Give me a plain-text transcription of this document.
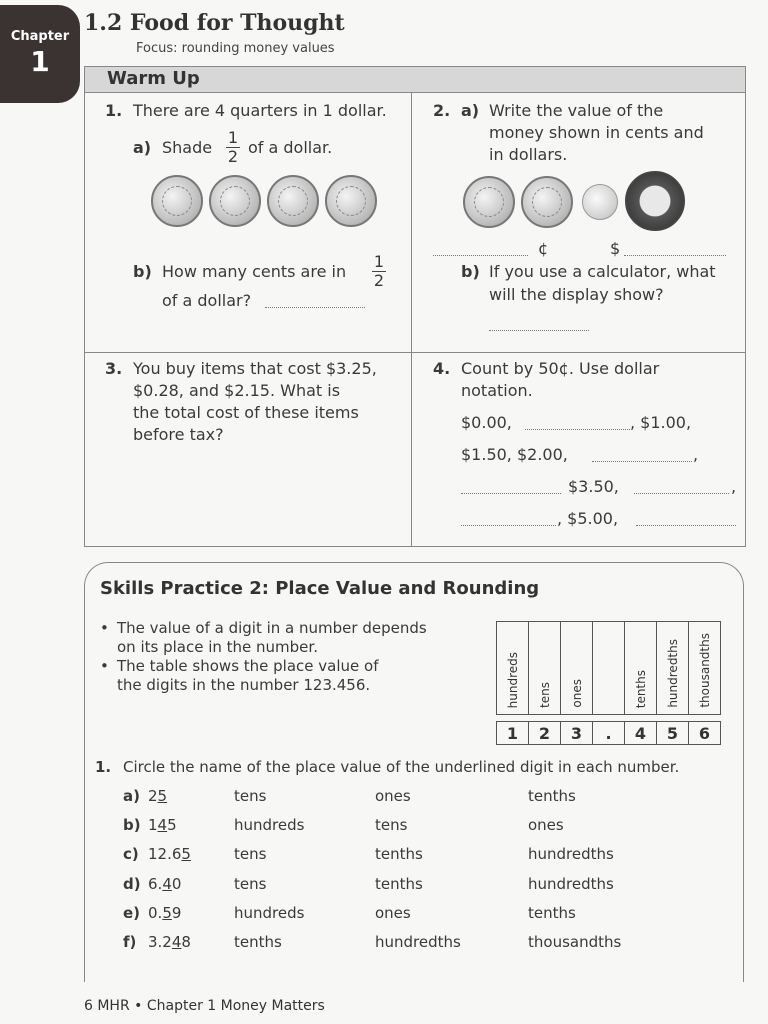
Chapter
1
1.2 Food for Thought
Focus: rounding money values
Warm Up
1. There are 4 quarters in 1 dollar.
a) Shade
1
2 of a dollar.
b) How many cents are in
1
2
of a dollar?
2. a) Write the value of the
money shown in cents and
in dollars.
¢	$
b) If you use a calculator, what
will the display show?
3. You buy items that cost $3.25,
$0.28, and $2.15. What is
the total cost of these items
before tax?
4. Count by 50¢. Use dollar
notation.
$0.00,	, $1.00,
$1.50, $2.00,	,
$3.50,	,
, $5.00,
Skills Practice 2: Place Value and Rounding
• The value of a digit in a number depends
on its place in the number.
• The table shows the place value of
the digits in the number 123.456.	hundreds	tens	ones		tenths	hundredths	thousandths

1	2	3	.	4	5	6
1. Circle the name of the place value of the underlined digit in each number.
a) 25	tens	ones	tenths
b) 145	hundreds	tens	ones
c) 12.65	tens	tenths	hundredths
d) 6.40	tens	tenths	hundredths
e) 0.59	hundreds	ones	tenths
f) 3.248	tenths	hundredths	thousandths
6 MHR • Chapter 1 Money Matters
